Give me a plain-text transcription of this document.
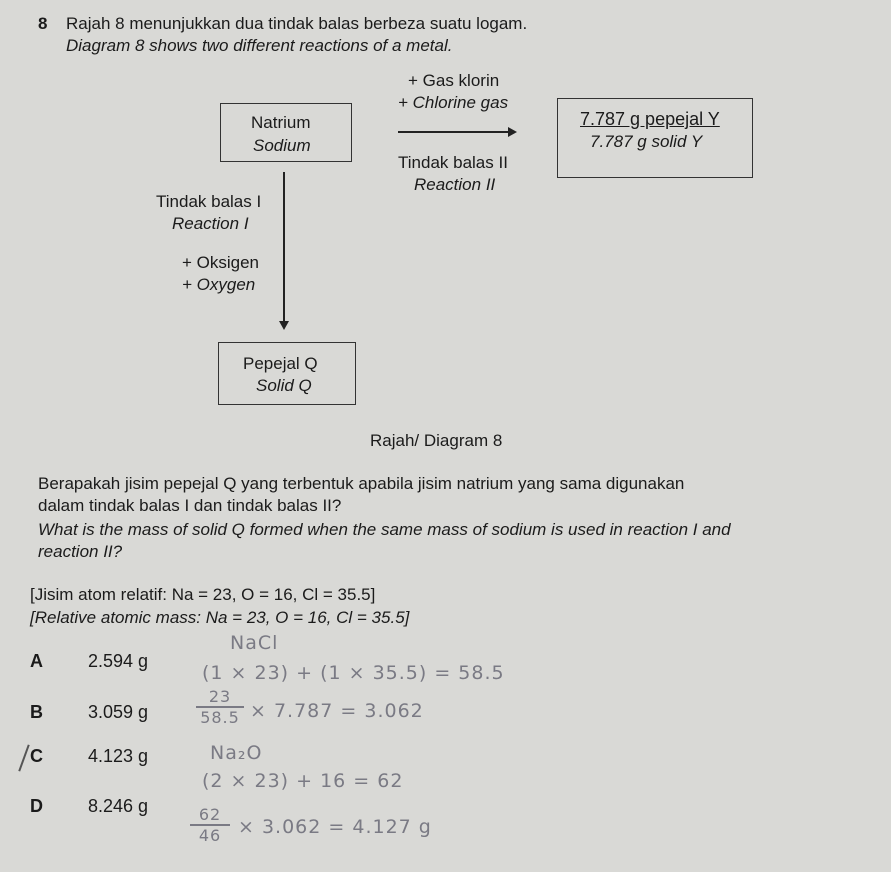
8 Rajah 8 menunjukkan dua tindak balas berbeza suatu logam.
Diagram 8 shows two different reactions of a metal.
Natrium
Sodium
+ Gas klorin
+ Chlorine gas
Tindak balas II
Reaction II
7.787 g pepejal Y
7.787 g solid Y
Tindak balas I
Reaction I
+ Oksigen
+ Oxygen
Pepejal Q
Solid Q
Rajah/ Diagram 8
Berapakah jisim pepejal Q yang terbentuk apabila jisim natrium yang sama digunakan
dalam tindak balas I dan tindak balas II?
What is the mass of solid Q formed when the same mass of sodium is used in reaction I and
reaction II?
[Jisim atom relatif: Na = 23, O = 16, Cl = 35.5]
[Relative atomic mass: Na = 23, O = 16, Cl = 35.5]
A	2.594 g
B	3.059 g
C	4.123 g
D	8.246 g
NaCl
(1 × 23) + (1 × 35.5) = 58.5
23
58.5 × 7.787 = 3.062
Na₂O
(2 × 23) + 16 = 62
62
46 × 3.062 = 4.127 g
